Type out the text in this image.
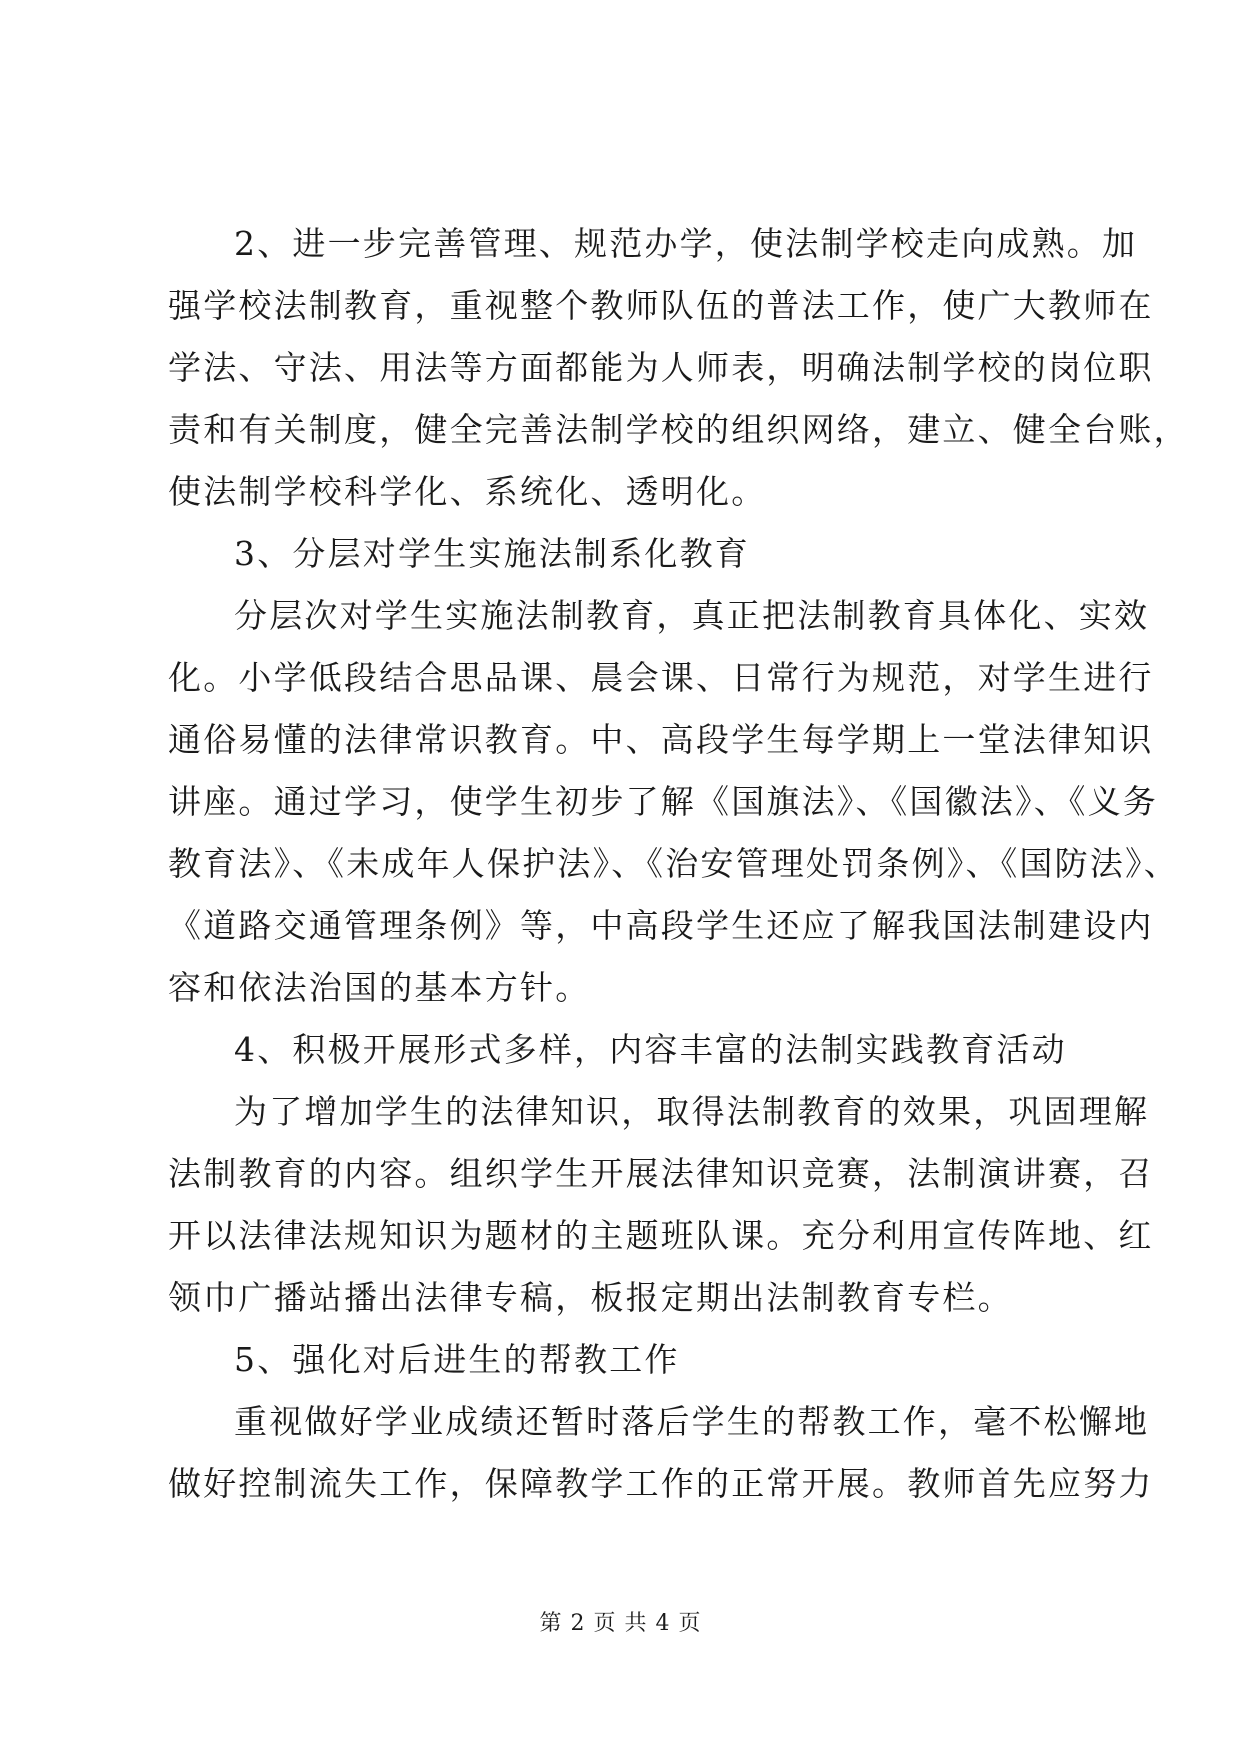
2、进一步完善管理、规范办学，使法制学校走向成熟。加
强学校法制教育，重视整个教师队伍的普法工作，使广大教师在
学法、守法、用法等方面都能为人师表，明确法制学校的岗位职
责和有关制度，健全完善法制学校的组织网络，建立、健全台账，
使法制学校科学化、系统化、透明化。
3、分层对学生实施法制系化教育
分层次对学生实施法制教育，真正把法制教育具体化、实效
化。小学低段结合思品课、晨会课、日常行为规范，对学生进行
通俗易懂的法律常识教育。中、高段学生每学期上一堂法律知识
讲座。通过学习，使学生初步了解《国旗法》、《国徽法》、《义务
教育法》、《未成年人保护法》、《治安管理处罚条例》、《国防法》、
《道路交通管理条例》等，中高段学生还应了解我国法制建设内
容和依法治国的基本方针。
4、积极开展形式多样，内容丰富的法制实践教育活动
为了增加学生的法律知识，取得法制教育的效果，巩固理解
法制教育的内容。组织学生开展法律知识竞赛，法制演讲赛，召
开以法律法规知识为题材的主题班队课。充分利用宣传阵地、红
领巾广播站播出法律专稿，板报定期出法制教育专栏。
5、强化对后进生的帮教工作
重视做好学业成绩还暂时落后学生的帮教工作，毫不松懈地
做好控制流失工作，保障教学工作的正常开展。教师首先应努力
第 2 页 共 4 页
